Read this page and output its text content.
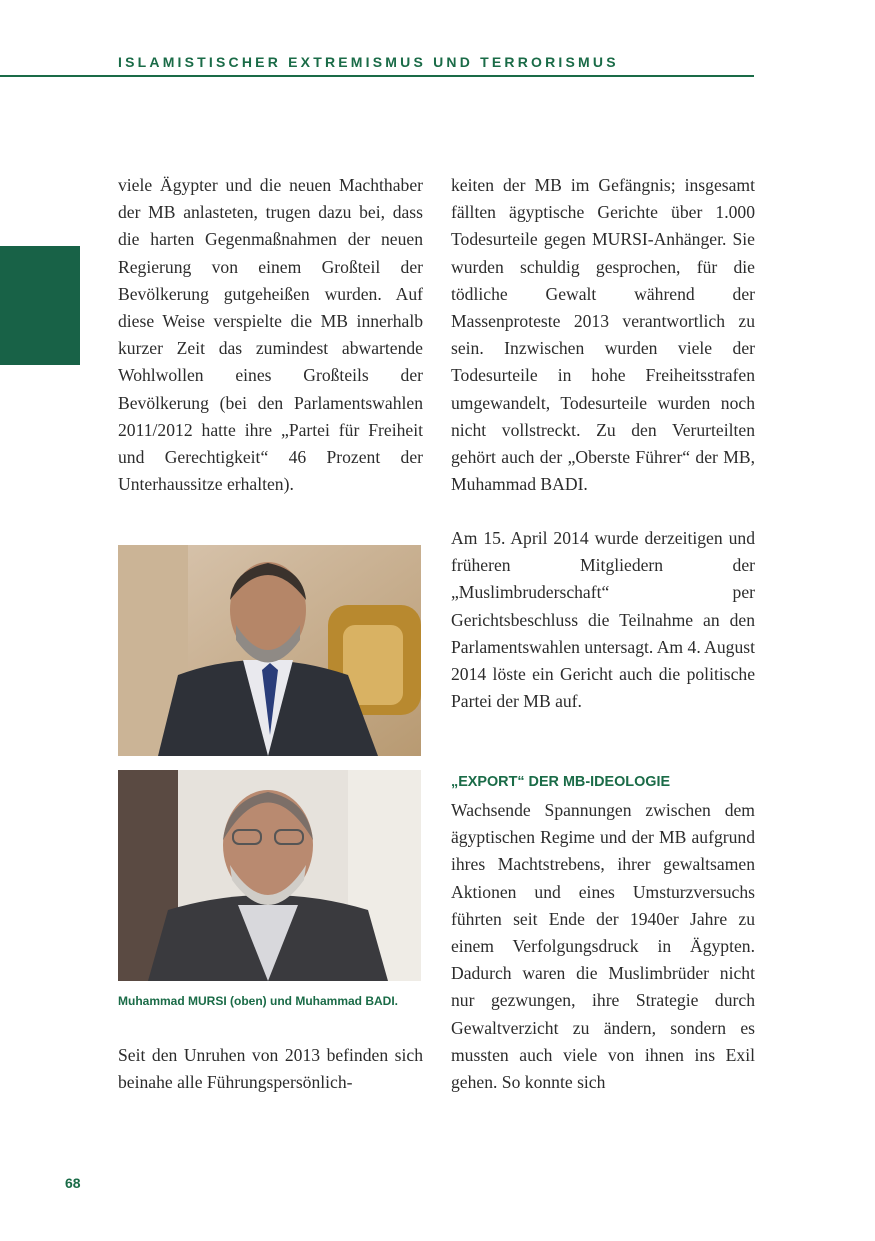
ISLAMISTISCHER EXTREMISMUS UND TERRORISMUS

viele Ägypter und die neuen Machthaber der MB anlasteten, trugen dazu bei, dass die harten Gegenmaßnahmen der neuen Regierung von einem Großteil der Bevölkerung gutgeheißen wurden. Auf diese Weise verspielte die MB innerhalb kurzer Zeit das zumindest abwartende Wohlwollen eines Großteils der Bevölkerung (bei den Parlamentswahlen 2011/2012 hatte ihre „Partei für Freiheit und Gerechtigkeit“ 46 Prozent der Unterhaussitze erhalten).

Muhammad MURSI (oben) und Muhammad BADI.

Seit den Unruhen von 2013 befinden sich beinahe alle Führungspersönlich-

keiten der MB im Gefängnis; insgesamt fällten ägyptische Gerichte über 1.000 Todesurteile gegen MURSI-Anhänger. Sie wurden schuldig gesprochen, für die tödliche Gewalt während der Massenproteste 2013 verantwortlich zu sein. Inzwischen wurden viele der Todesurteile in hohe Freiheitsstrafen umgewandelt, Todesurteile wurden noch nicht vollstreckt. Zu den Verurteilten gehört auch der „Oberste Führer“ der MB, Muhammad BADI.

Am 15. April 2014 wurde derzeitigen und früheren Mitgliedern der „Muslimbruderschaft“ per Gerichtsbeschluss die Teilnahme an den Parlamentswahlen untersagt. Am 4. August 2014 löste ein Gericht auch die politische Partei der MB auf.

„EXPORT“ DER MB-IDEOLOGIE

Wachsende Spannungen zwischen dem ägyptischen Regime und der MB aufgrund ihres Machtstrebens, ihrer gewaltsamen Aktionen und eines Umsturzversuchs führten seit Ende der 1940er Jahre zu einem Verfolgungsdruck in Ägypten. Dadurch waren die Muslimbrüder nicht nur gezwungen, ihre Strategie durch Gewaltverzicht zu ändern, sondern es mussten auch viele von ihnen ins Exil gehen. So konnte sich

68
